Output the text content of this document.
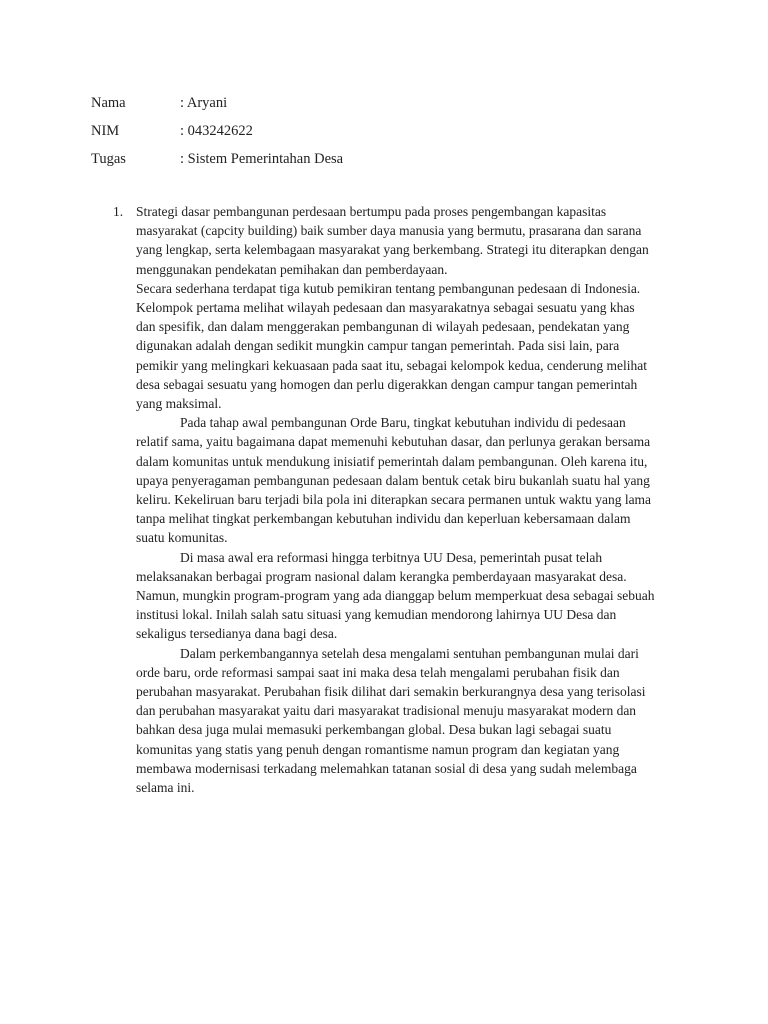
Nama	: Aryani
NIM	: 043242622
Tugas	: Sistem Pemerintahan Desa
1. Strategi dasar pembangunan perdesaan bertumpu pada proses pengembangan kapasitas masyarakat (capcity building) baik sumber daya manusia yang bermutu, prasarana dan sarana yang lengkap, serta kelembagaan masyarakat yang berkembang. Strategi itu diterapkan dengan menggunakan pendekatan pemihakan dan pemberdayaan.

Secara sederhana terdapat tiga kutub pemikiran tentang pembangunan pedesaan di Indonesia. Kelompok pertama melihat wilayah pedesaan dan masyarakatnya sebagai sesuatu yang khas dan spesifik, dan dalam menggerakan pembangunan di wilayah pedesaan, pendekatan yang digunakan adalah dengan sedikit mungkin campur tangan pemerintah. Pada sisi lain, para pemikir yang melingkari kekuasaan pada saat itu, sebagai kelompok kedua, cenderung melihat desa sebagai sesuatu yang homogen dan perlu digerakkan dengan campur tangan pemerintah yang maksimal.

Pada tahap awal pembangunan Orde Baru, tingkat kebutuhan individu di pedesaan relatif sama, yaitu bagaimana dapat memenuhi kebutuhan dasar, dan perlunya gerakan bersama dalam komunitas untuk mendukung inisiatif pemerintah dalam pembangunan. Oleh karena itu, upaya penyeragaman pembangunan pedesaan dalam bentuk cetak biru bukanlah suatu hal yang keliru. Kekeliruan baru terjadi bila pola ini diterapkan secara permanen untuk waktu yang lama tanpa melihat tingkat perkembangan kebutuhan individu dan keperluan kebersamaan dalam suatu komunitas.

Di masa awal era reformasi hingga terbitnya UU Desa, pemerintah pusat telah melaksanakan berbagai program nasional dalam kerangka pemberdayaan masyarakat desa. Namun, mungkin program-program yang ada dianggap belum memperkuat desa sebagai sebuah institusi lokal. Inilah salah satu situasi yang kemudian mendorong lahirnya UU Desa dan sekaligus tersedianya dana bagi desa.

Dalam perkembangannya setelah desa mengalami sentuhan pembangunan mulai dari orde baru, orde reformasi sampai saat ini maka desa telah mengalami perubahan fisik dan perubahan masyarakat. Perubahan fisik dilihat dari semakin berkurangnya desa yang terisolasi dan perubahan masyarakat yaitu dari masyarakat tradisional menuju masyarakat modern dan bahkan desa juga mulai memasuki perkembangan global. Desa bukan lagi sebagai suatu komunitas yang statis yang penuh dengan romantisme namun program dan kegiatan yang membawa modernisasi terkadang melemahkan tatanan sosial di desa yang sudah melembaga selama ini.
